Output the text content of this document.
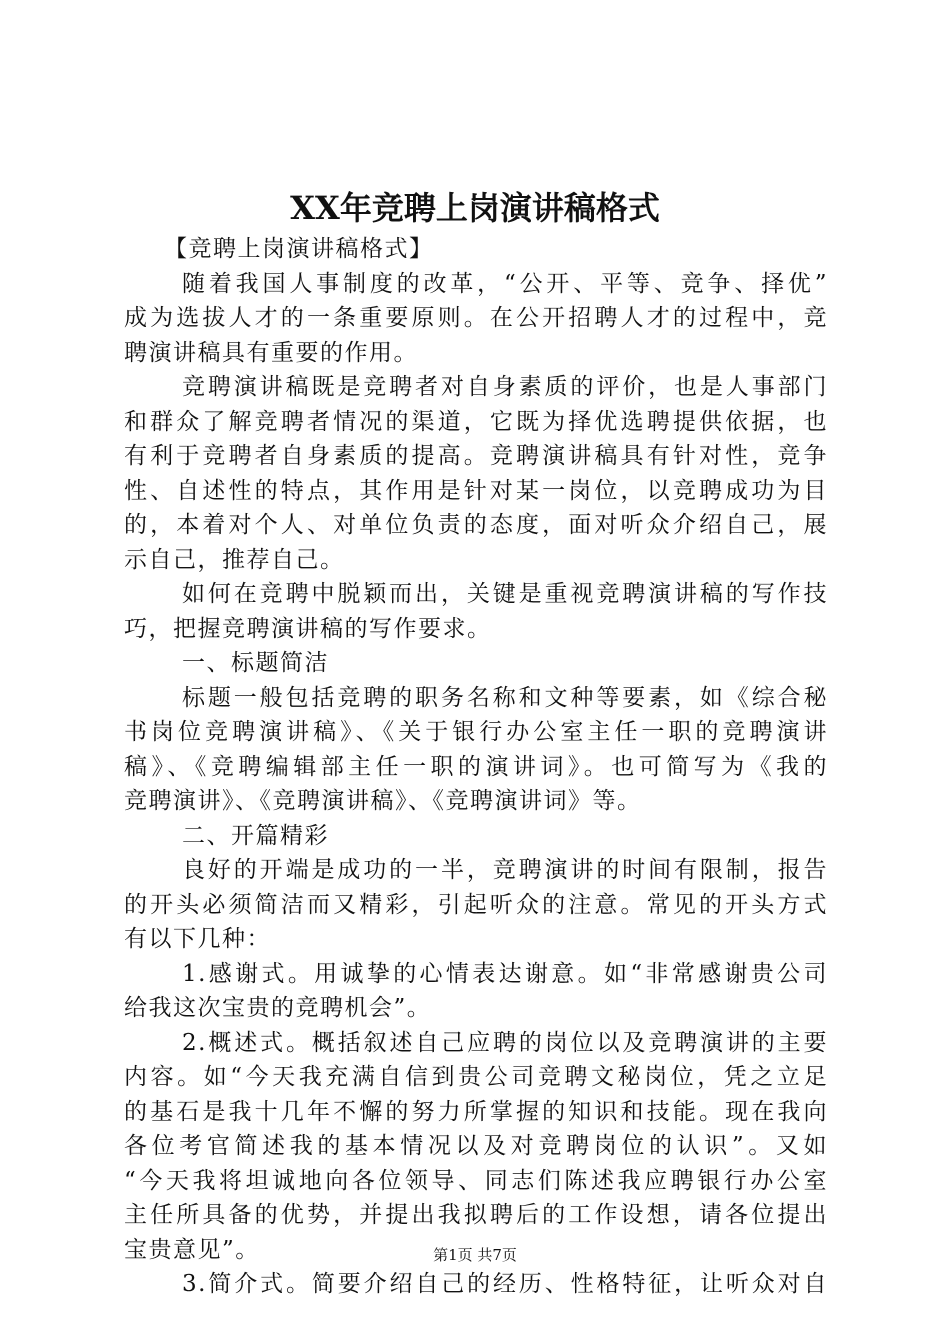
XX年竞聘上岗演讲稿格式
【竞聘上岗演讲稿格式】
随着我国人事制度的改革，“公开、平等、竞争、择优”
成为选拔人才的一条重要原则。在公开招聘人才的过程中，竞
聘演讲稿具有重要的作用。
竞聘演讲稿既是竞聘者对自身素质的评价，也是人事部门
和群众了解竞聘者情况的渠道，它既为择优选聘提供依据，也
有利于竞聘者自身素质的提高。竞聘演讲稿具有针对性，竞争
性、自述性的特点，其作用是针对某一岗位，以竞聘成功为目
的，本着对个人、对单位负责的态度，面对听众介绍自己，展
示自己，推荐自己。
如何在竞聘中脱颖而出，关键是重视竞聘演讲稿的写作技
巧，把握竞聘演讲稿的写作要求。
一、标题简洁
标题一般包括竞聘的职务名称和文种等要素，如《综合秘
书岗位竞聘演讲稿》、《关于银行办公室主任一职的竞聘演讲
稿》、《竞聘编辑部主任一职的演讲词》。也可简写为《我的
竞聘演讲》、《竞聘演讲稿》、《竞聘演讲词》等。
二、开篇精彩
良好的开端是成功的一半，竞聘演讲的时间有限制，报告
的开头必须简洁而又精彩，引起听众的注意。常见的开头方式
有以下几种：
1.感谢式。用诚挚的心情表达谢意。如“非常感谢贵公司
给我这次宝贵的竞聘机会”。
2.概述式。概括叙述自己应聘的岗位以及竞聘演讲的主要
内容。如“今天我充满自信到贵公司竞聘文秘岗位，凭之立足
的基石是我十几年不懈的努力所掌握的知识和技能。现在我向
各位考官简述我的基本情况以及对竞聘岗位的认识”。又如
“今天我将坦诚地向各位领导、同志们陈述我应聘银行办公室
主任所具备的优势，并提出我拟聘后的工作设想，请各位提出
宝贵意见”。
3.简介式。简要介绍自己的经历、性格特征，让听众对自
第1页 共7页
